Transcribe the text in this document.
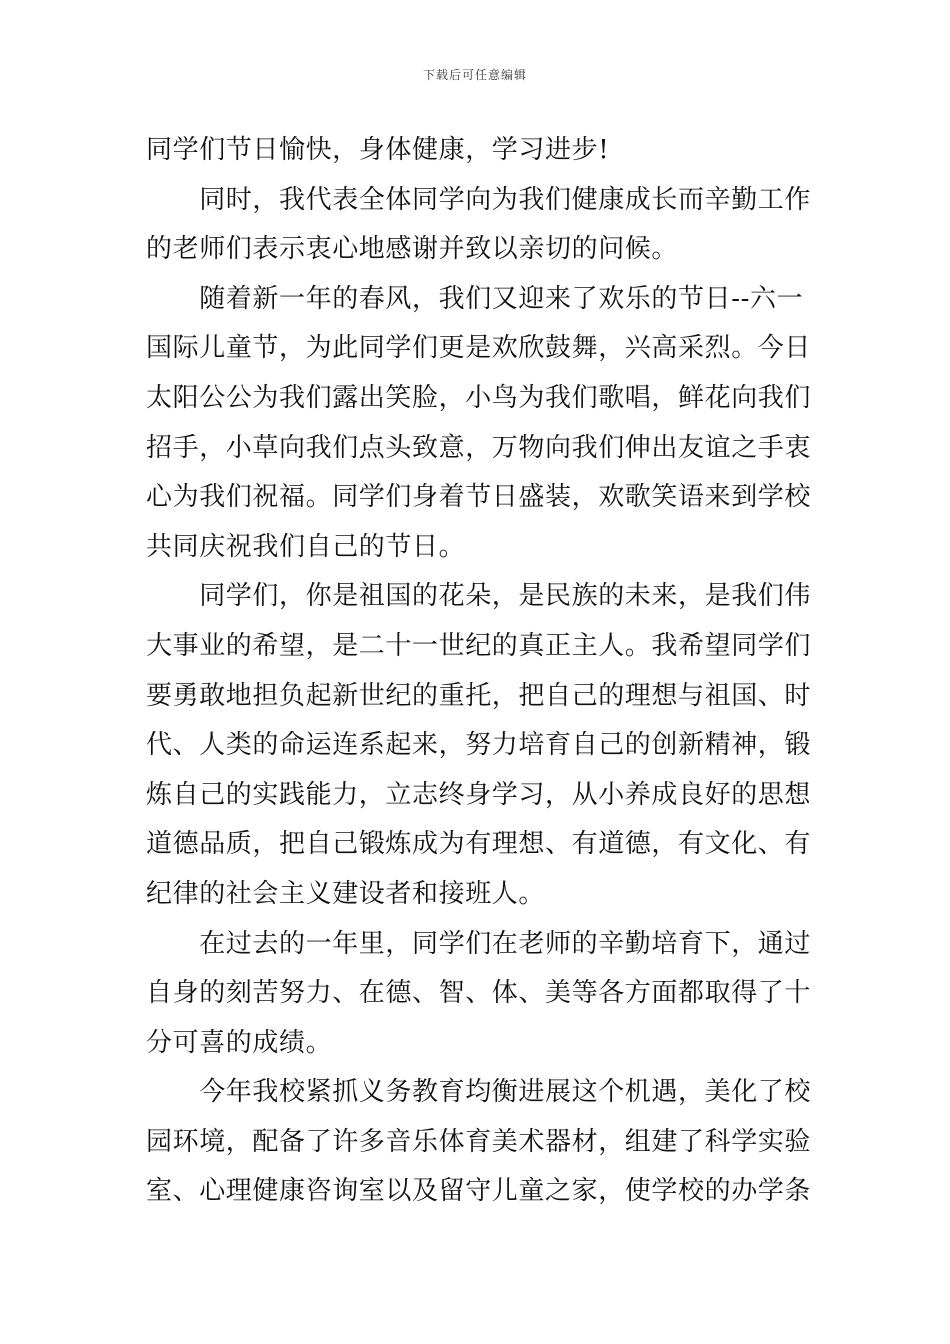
下载后可任意编辑
同学们节日愉快，身体健康，学习进步!
　　同时，我代表全体同学向为我们健康成长而辛勤工作
的老师们表示衷心地感谢并致以亲切的问候。
　　随着新一年的春风，我们又迎来了欢乐的节日--六一
国际儿童节，为此同学们更是欢欣鼓舞，兴高采烈。今日
太阳公公为我们露出笑脸，小鸟为我们歌唱，鲜花向我们
招手，小草向我们点头致意，万物向我们伸出友谊之手衷
心为我们祝福。同学们身着节日盛装，欢歌笑语来到学校
共同庆祝我们自己的节日。
　　同学们，你是祖国的花朵，是民族的未来，是我们伟
大事业的希望，是二十一世纪的真正主人。我希望同学们
要勇敢地担负起新世纪的重托，把自己的理想与祖国、时
代、人类的命运连系起来，努力培育自己的创新精神，锻
炼自己的实践能力，立志终身学习，从小养成良好的思想
道德品质，把自己锻炼成为有理想、有道德，有文化、有
纪律的社会主义建设者和接班人。
　　在过去的一年里，同学们在老师的辛勤培育下，通过
自身的刻苦努力、在德、智、体、美等各方面都取得了十
分可喜的成绩。
　　今年我校紧抓义务教育均衡进展这个机遇，美化了校
园环境，配备了许多音乐体育美术器材，组建了科学实验
室、心理健康咨询室以及留守儿童之家，使学校的办学条
